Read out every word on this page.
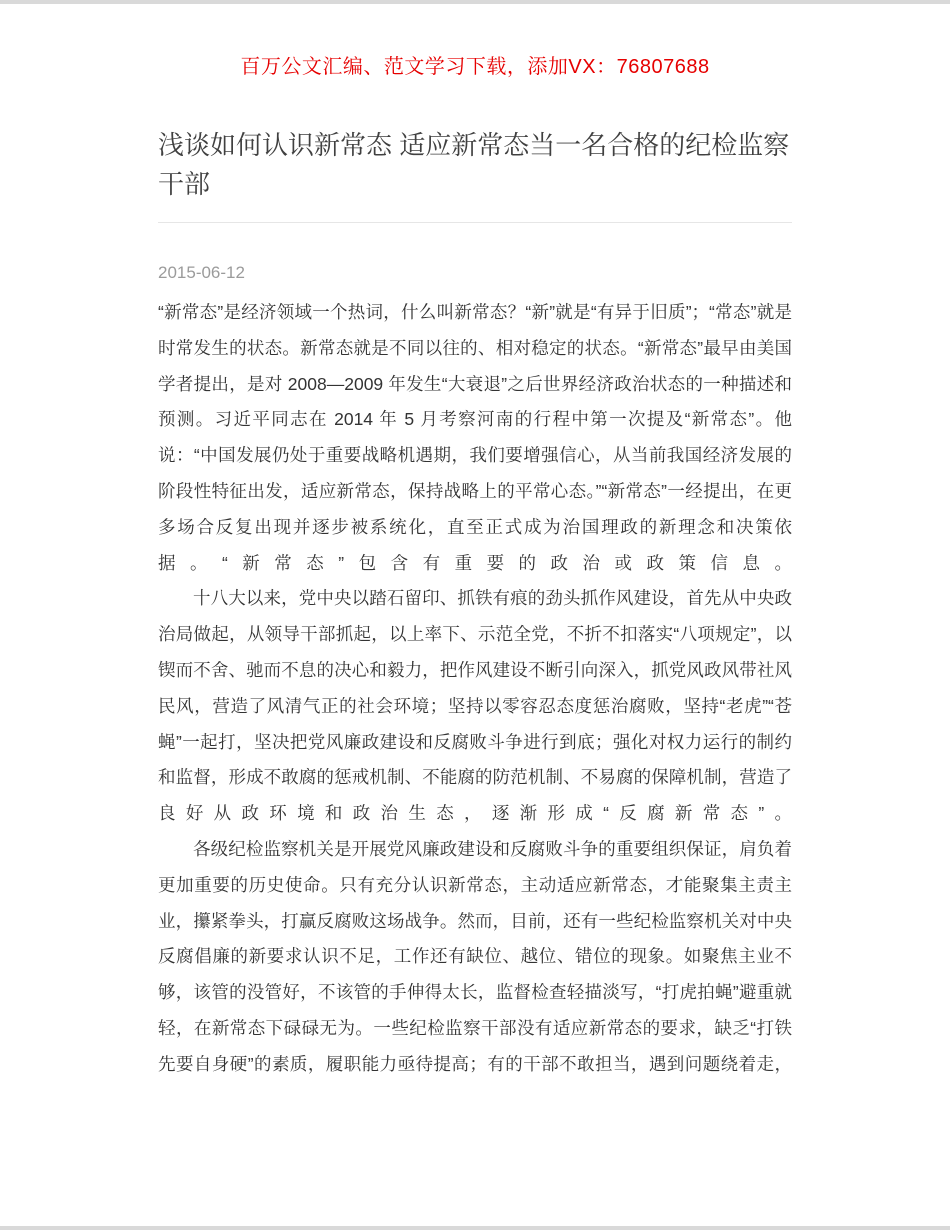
百万公文汇编、范文学习下载，添加VX：76807688
浅谈如何认识新常态 适应新常态当一名合格的纪检监察干部
2015-06-12

“新常态”是经济领域一个热词，什么叫新常态？“新”就是“有异于旧质”；“常态”就是时常发生的状态。新常态就是不同以往的、相对稳定的状态。“新常态”最早由美国学者提出，是对 2008—2009 年发生“大衰退”之后世界经济政治状态的一种描述和预测。习近平同志在 2014 年 5 月考察河南的行程中第一次提及“新常态”。他说：“中国发展仍处于重要战略机遇期，我们要增强信心，从当前我国经济发展的阶段性特征出发，适应新常态，保持战略上的平常心态。”“新常态”一经提出，在更多场合反复出现并逐步被系统化，直至正式成为治国理政的新理念和决策依据。“新常态”包含有重要的政治或政策信息。

十八大以来，党中央以踏石留印、抓铁有痕的劲头抓作风建设，首先从中央政治局做起，从领导干部抓起，以上率下、示范全党，不折不扣落实“八项规定”，以锲而不舍、驰而不息的决心和毅力，把作风建设不断引向深入，抓党风政风带社风民风，营造了风清气正的社会环境；坚持以零容忍态度惩治腐败，坚持“老虎”“苍蝇”一起打，坚决把党风廉政建设和反腐败斗争进行到底；强化对权力运行的制约和监督，形成不敢腐的惩戒机制、不能腐的防范机制、不易腐的保障机制，营造了良好从政环境和政治生态，逐渐形成“反腐新常态”。

各级纪检监察机关是开展党风廉政建设和反腐败斗争的重要组织保证，肩负着更加重要的历史使命。只有充分认识新常态，主动适应新常态，才能聚集主责主业，攥紧拳头，打赢反腐败这场战争。然而，目前，还有一些纪检监察机关对中央反腐倡廉的新要求认识不足，工作还有缺位、越位、错位的现象。如聚焦主业不够，该管的没管好，不该管的手伸得太长，监督检查轻描淡写，“打虎拍蝇”避重就轻，在新常态下碌碌无为。一些纪检监察干部没有适应新常态的要求，缺乏“打铁先要自身硬”的素质，履职能力亟待提高；有的干部不敢担当，遇到问题绕着走，
